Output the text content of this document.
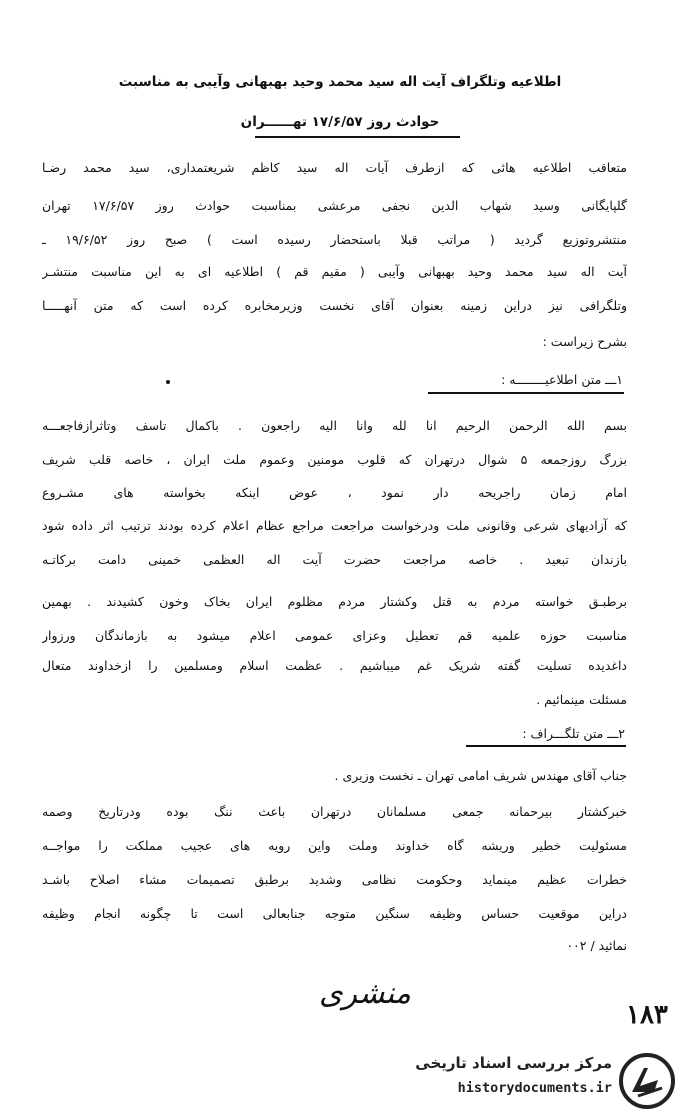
اطلاعیه وتلگراف آیت اله سید محمد وحید بهبهانی وآیبی به مناسبت
حوادث روز ۱۷/۶/۵۷ تهــــــران
متعاقب اطلاعیه هائی که ازطرف آیات اله سید کاظم شریعتمداری، سید محمد رضـا
گلپایگانی وسید شهاب الدین نجفی مرعشی بمناسبت حوادث روز ۱۷/۶/۵۷ تهران
منتشروتوزیع گردید ( مراتب قبلا باستحضار رسیده است ) صبح روز ۱۹/۶/۵۲ ـ
آیت اله سید محمد وحید بهبهانی وآیبی ( مقیم قم ) اطلاعیه ای به این مناسبت منتشـر
وتلگرافی نیز دراین زمینه بعنوان آقای نخست وزیرمخابره کرده است که متن آنهـــــا
بشرح زیراست :
۱ـــ متن اطلاعیــــــــه :
بسم الله الرحمن الرحیم انا لله وانا الیه راجعون . باکمال تاسف وتاثرازفاجعـــه
بزرگ روزجمعه ۵ شوال درتهران که قلوب مومنین وعموم ملت ایران ، خاصه قلب شریف
امام زمان راجریحه دار نمود ، عوض اینکه بخواسته های مشـروع
که آزادیهای شرعی وقانونی ملت ودرخواست مراجعت مراجع عظام اعلام کرده بودند ترتیب اثر داده شود
بازندان تبعید . خاصه مراجعت حضرت آیت اله العظمی خمینی دامت برکاتـه
برطبـق خواسته مردم به قتل وکشتار مردم مظلوم ایران بخاک وخون کشیدند . بهمین
مناسبت حوزه علمیه قم تعطیل وعزای عمومی اعلام میشود به بازماندگان ورزوار
داغدیده تسلیت گفته شریک غم میباشیم . عظمت اسلام ومسلمین را ازخداوند متعال
مسئلت مینمائیم .
۲ـــ متن تلگـــراف :
جناب آقای مهندس شریف امامی تهران ـ نخست وزیری .
خبرکشتار بیرحمانه جمعی مسلمانان درتهران باعث ننگ بوده ودرتاریخ وصمه
مسئولیت خطیر وریشه گاه خداوند وملت واین رویه های عجیب مملکت را مواجــه
خطرات عظیم مینماید وحکومت نظامی وشدید برطبق تصمیمات مشاء اصلاح باشـد
دراین موقعیت حساس وظیفه سنگین متوجه جنابعالی است تا چگونه انجام وظیفه
نمائید / ۰۰۲
منشری
۱۸۳
مرکز بررسی اسناد تاریخی
historydocuments.ir
